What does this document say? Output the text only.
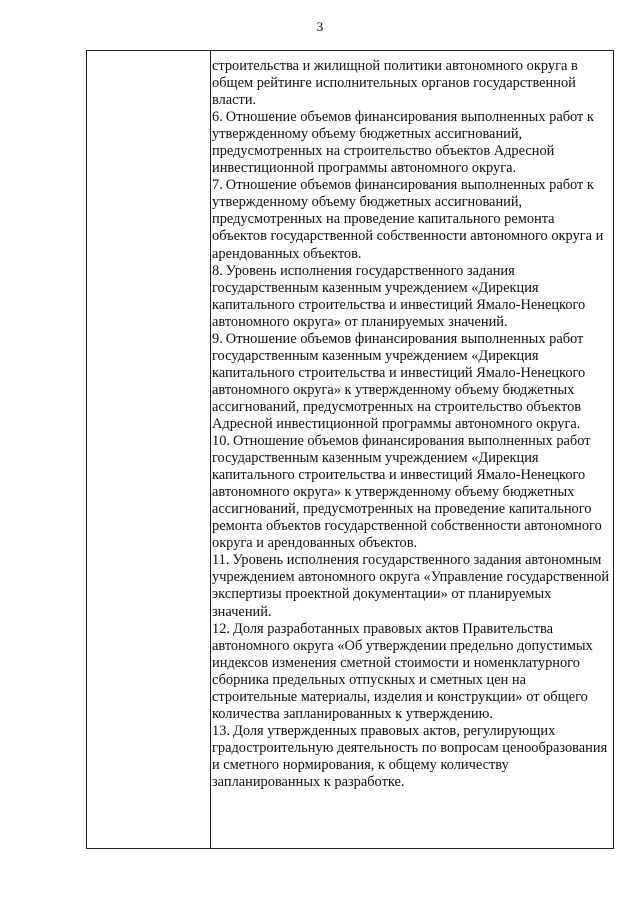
3

строительства и жилищной политики автономного округа в общем рейтинге исполнительных органов государственной власти.

6. Отношение объемов финансирования выполненных работ к утвержденному объему бюджетных ассигнований, предусмотренных на строительство объектов Адресной инвестиционной программы автономного округа.

7. Отношение объемов финансирования выполненных работ к утвержденному объему бюджетных ассигнований, предусмотренных на проведение капитального ремонта объектов государственной собственности автономного округа и арендованных объектов.

8. Уровень исполнения государственного задания государственным казенным учреждением «Дирекция капитального строительства и инвестиций Ямало-Ненецкого автономного округа» от планируемых значений.

9. Отношение объемов финансирования выполненных работ государственным казенным учреждением «Дирекция капитального строительства и инвестиций Ямало-Ненецкого автономного округа» к утвержденному объему бюджетных ассигнований, предусмотренных на строительство объектов Адресной инвестиционной программы автономного округа.

10. Отношение объемов финансирования выполненных работ государственным казенным учреждением «Дирекция капитального строительства и инвестиций Ямало-Ненецкого автономного округа» к утвержденному объему бюджетных ассигнований, предусмотренных на проведение капитального ремонта объектов государственной собственности автономного округа и арендованных объектов.

11. Уровень исполнения государственного задания автономным учреждением автономного округа «Управление государственной экспертизы проектной документации» от планируемых значений.

12. Доля разработанных правовых актов Правительства автономного округа «Об утверждении предельно допустимых индексов изменения сметной стоимости и номенклатурного сборника предельных отпускных и сметных цен на строительные материалы, изделия и конструкции» от общего количества запланированных к утверждению.

13. Доля утвержденных правовых актов, регулирующих градостроительную деятельность по вопросам ценообразования и сметного нормирования, к общему количеству запланированных к разработке.
